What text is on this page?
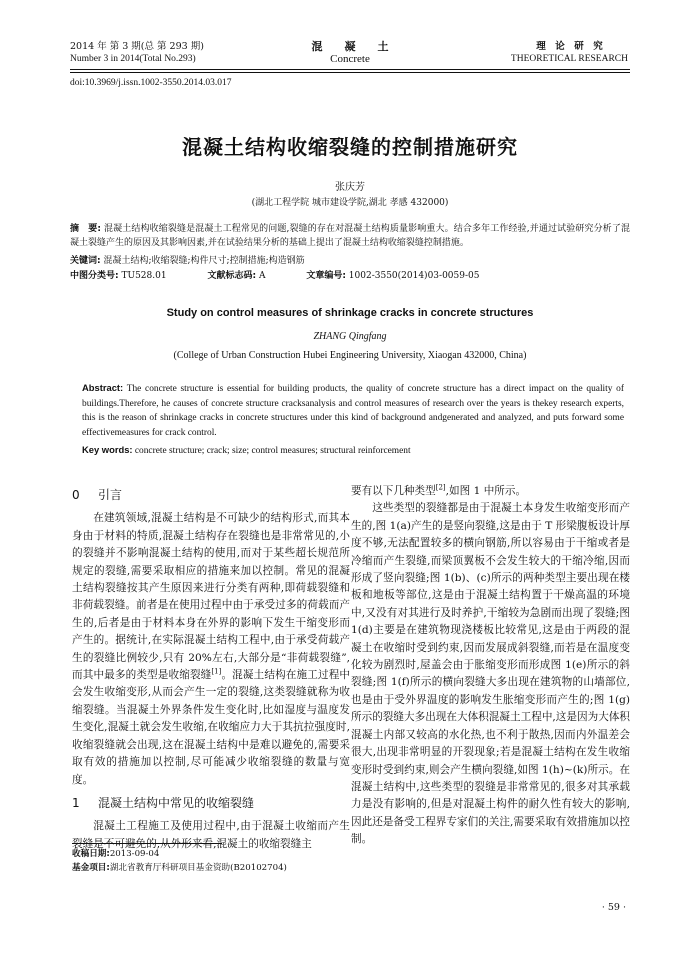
2014 年 第 3 期(总 第 293 期)
Number 3 in 2014(Total No.293)
混　　凝　　土
Concrete
理　论　研　究
THEORETICAL RESEARCH
doi:10.3969/j.issn.1002-3550.2014.03.017
混凝土结构收缩裂缝的控制措施研究
张庆芳
(湖北工程学院 城市建设学院,湖北 孝感 432000)
摘　要: 混凝土结构收缩裂缝是混凝土工程常见的问题,裂缝的存在对混凝土结构质量影响重大。结合多年工作经验,并通过试验研究分析了混凝土裂缝产生的原因及其影响因素,并在试验结果分析的基础上提出了混凝土结构收缩裂缝控制措施。
关键词: 混凝土结构;收缩裂缝;构件尺寸;控制措施;构造钢筋
中图分类号: TU528.01	文献标志码: A	文章编号: 1002-3550(2014)03-0059-05
Study on control measures of shrinkage cracks in concrete structures
ZHANG Qingfang
(College of Urban Construction Hubei Engineering University, Xiaogan 432000, China)
Abstract: The concrete structure is essential for building products, the quality of concrete structure has a direct impact on the quality of buildings.Therefore, he causes of concrete structure cracksanalysis and control measures of research over the years is thekey research experts, this is the reason of shrinkage cracks in concrete structures under this kind of background andgenerated and analyzed, and puts forward some effectivemeasures for crack control.
Key words: concrete structure; crack; size; control measures; structural reinforcement
0 引言

在建筑领域,混凝土结构是不可缺少的结构形式,而其本身由于材料的特质,混凝土结构存在裂缝也是非常常见的,小的裂缝并不影响混凝土结构的使用,而对于某些超长规范所规定的裂缝,需要采取相应的措施来加以控制。常见的混凝土结构裂缝按其产生原因来进行分类有两种,即荷载裂缝和非荷载裂缝。前者是在使用过程中由于承受过多的荷载而产生的,后者是由于材料本身在外界的影响下发生干缩变形而产生的。据统计,在实际混凝土结构工程中,由于承受荷载产生的裂缝比例较少,只有 20%左右,大部分是“非荷载裂缝”,而其中最多的类型是收缩裂缝[1]。混凝土结构在施工过程中会发生收缩变形,从而会产生一定的裂缝,这类裂缝就称为收缩裂缝。当混凝土外界条件发生变化时,比如湿度与温度发生变化,混凝土就会发生收缩,在收缩应力大于其抗拉强度时,收缩裂缝就会出现,这在混凝土结构中是难以避免的,需要采取有效的措施加以控制,尽可能减少收缩裂缝的数量与宽度。

1 混凝土结构中常见的收缩裂缝

混凝土工程施工及使用过程中,由于混凝土收缩而产生裂缝是不可避免的,从外形来看,混凝土的收缩裂缝主

要有以下几种类型[2],如图 1 中所示。

这些类型的裂缝都是由于混凝土本身发生收缩变形而产生的,图 1(a)产生的是竖向裂缝,这是由于 T 形梁腹板设计厚度不够,无法配置较多的横向钢筋,所以容易由于干缩或者是冷缩而产生裂缝,而梁顶翼板不会发生较大的干缩冷缩,因而形成了竖向裂缝;图 1(b)、(c)所示的两种类型主要出现在楼板和地板等部位,这是由于混凝土结构置于干燥高温的环境中,又没有对其进行及时养护,干缩较为急剧而出现了裂缝;图 1(d)主要是在建筑物现浇楼板比较常见,这是由于两段的混凝土在收缩时受到约束,因而发展成斜裂缝,而若是在温度变化较为剧烈时,屋盖会由于胀缩变形而形成图 1(e)所示的斜裂缝;图 1(f)所示的横向裂缝大多出现在建筑物的山墙部位,也是由于受外界温度的影响发生胀缩变形而产生的;图 1(g)所示的裂缝大多出现在大体积混凝土工程中,这是因为大体积混凝土内部又较高的水化热,也不利于散热,因而内外温差会很大,出现非常明显的开裂现象;若是混凝土结构在发生收缩变形时受到约束,则会产生横向裂缝,如图 1(h)~(k)所示。在混凝土结构中,这些类型的裂缝是非常常见的,很多对其承载力是没有影响的,但是对混凝土构件的耐久性有较大的影响,因此还是备受工程界专家们的关注,需要采取有效措施加以控制。

收稿日期:2013-09-04
基金项目:湖北省教育厅科研项目基金资助(B20102704)
· 59 ·
